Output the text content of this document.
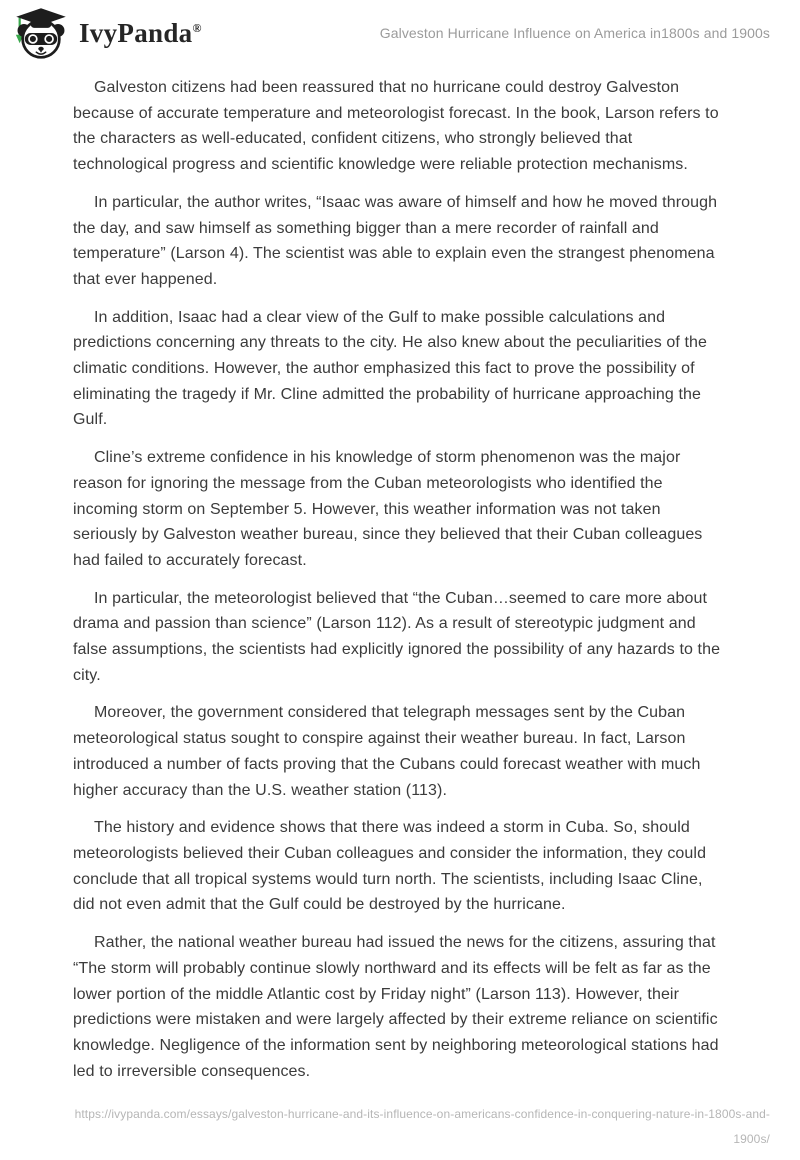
IvyPanda®	Galveston Hurricane Influence on America in1800s and 1900s

Galveston citizens had been reassured that no hurricane could destroy Galveston because of accurate temperature and meteorologist forecast. In the book, Larson refers to the characters as well-educated, confident citizens, who strongly believed that technological progress and scientific knowledge were reliable protection mechanisms.

In particular, the author writes, “Isaac was aware of himself and how he moved through the day, and saw himself as something bigger than a mere recorder of rainfall and temperature” (Larson 4). The scientist was able to explain even the strangest phenomena that ever happened.

In addition, Isaac had a clear view of the Gulf to make possible calculations and predictions concerning any threats to the city. He also knew about the peculiarities of the climatic conditions. However, the author emphasized this fact to prove the possibility of eliminating the tragedy if Mr. Cline admitted the probability of hurricane approaching the Gulf.

Cline’s extreme confidence in his knowledge of storm phenomenon was the major reason for ignoring the message from the Cuban meteorologists who identified the incoming storm on September 5. However, this weather information was not taken seriously by Galveston weather bureau, since they believed that their Cuban colleagues had failed to accurately forecast.

In particular, the meteorologist believed that “the Cuban…seemed to care more about drama and passion than science” (Larson 112). As a result of stereotypic judgment and false assumptions, the scientists had explicitly ignored the possibility of any hazards to the city.

Moreover, the government considered that telegraph messages sent by the Cuban meteorological status sought to conspire against their weather bureau. In fact, Larson introduced a number of facts proving that the Cubans could forecast weather with much higher accuracy than the U.S. weather station (113).

The history and evidence shows that there was indeed a storm in Cuba. So, should meteorologists believed their Cuban colleagues and consider the information, they could conclude that all tropical systems would turn north. The scientists, including Isaac Cline, did not even admit that the Gulf could be destroyed by the hurricane.

Rather, the national weather bureau had issued the news for the citizens, assuring that “The storm will probably continue slowly northward and its effects will be felt as far as the lower portion of the middle Atlantic cost by Friday night” (Larson 113). However, their predictions were mistaken and were largely affected by their extreme reliance on scientific knowledge. Negligence of the information sent by neighboring meteorological stations had led to irreversible consequences.

https://ivypanda.com/essays/galveston-hurricane-and-its-influence-on-americans-confidence-in-conquering-nature-in-1800s-and-
1900s/
